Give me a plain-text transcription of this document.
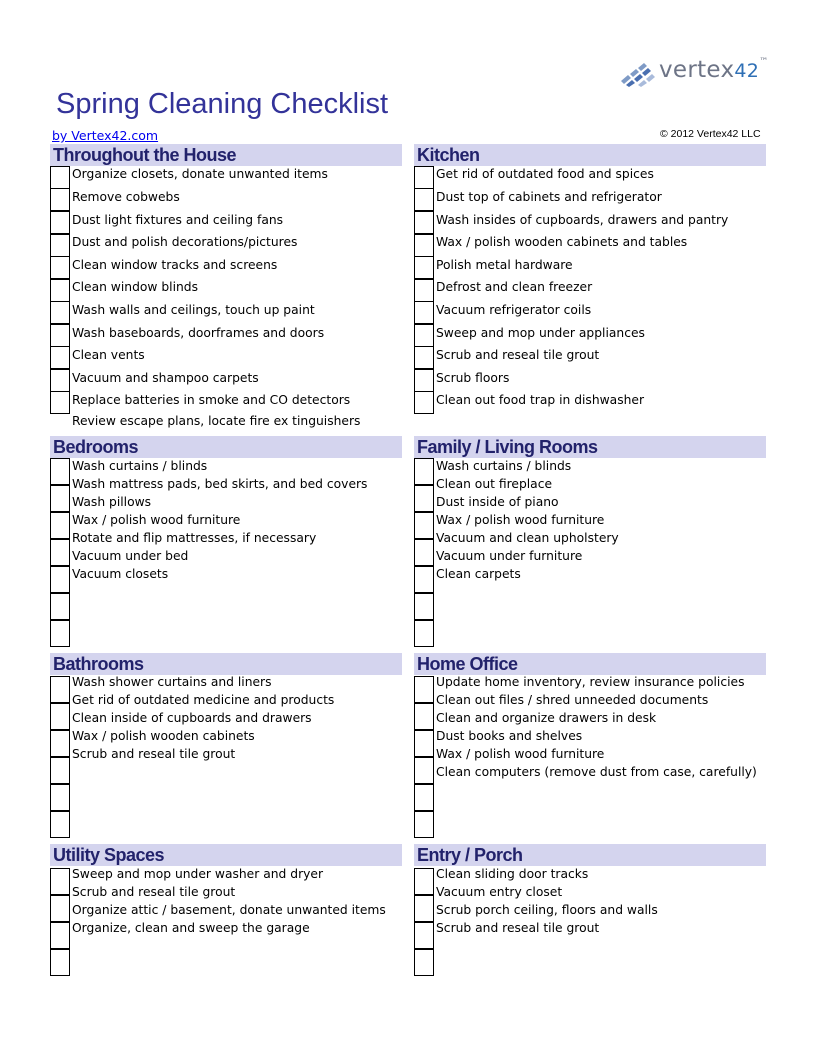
vertex42™
Spring Cleaning Checklist
by Vertex42.com	© 2012 Vertex42 LLC
Throughout the House
Organize closets, donate unwanted items
Remove cobwebs
Dust light fixtures and ceiling fans
Dust and polish decorations/pictures
Clean window tracks and screens
Clean window blinds
Wash walls and ceilings, touch up paint
Wash baseboards, doorframes and doors
Clean vents
Vacuum and shampoo carpets
Replace batteries in smoke and CO detectors
Review escape plans, locate fire ex tinguishers
Kitchen
Get rid of outdated food and spices
Dust top of cabinets and refrigerator
Wash insides of cupboards, drawers and pantry
Wax / polish wooden cabinets and tables
Polish metal hardware
Defrost and clean freezer
Vacuum refrigerator coils
Sweep and mop under appliances
Scrub and reseal tile grout
Scrub floors
Clean out food trap in dishwasher
Bedrooms
Wash curtains / blinds
Wash mattress pads, bed skirts, and bed covers
Wash pillows
Wax / polish wood furniture
Rotate and flip mattresses, if necessary
Vacuum under bed
Vacuum closets
Family / Living Rooms
Wash curtains / blinds
Clean out fireplace
Dust inside of piano
Wax / polish wood furniture
Vacuum and clean upholstery
Vacuum under furniture
Clean carpets
Bathrooms
Wash shower curtains and liners
Get rid of outdated medicine and products
Clean inside of cupboards and drawers
Wax / polish wooden cabinets
Scrub and reseal tile grout
Home Office
Update home inventory, review insurance policies
Clean out files / shred unneeded documents
Clean and organize drawers in desk
Dust books and shelves
Wax / polish wood furniture
Clean computers (remove dust from case, carefully)
Utility Spaces
Sweep and mop under washer and dryer
Scrub and reseal tile grout
Organize attic / basement, donate unwanted items
Organize, clean and sweep the garage
Entry / Porch
Clean sliding door tracks
Vacuum entry closet
Scrub porch ceiling, floors and walls
Scrub and reseal tile grout
